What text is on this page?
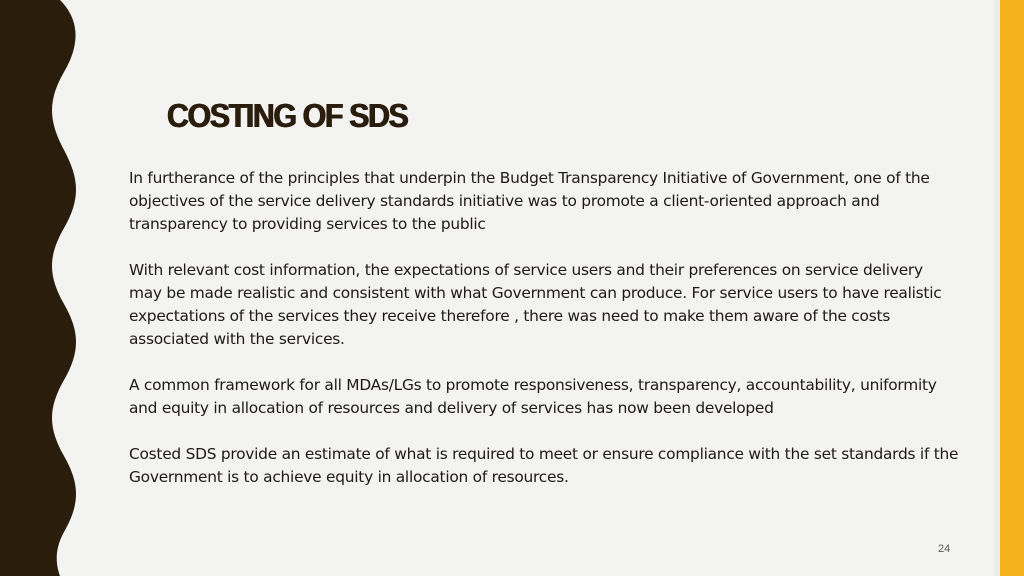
COSTING OF SDS

In furtherance of the principles that underpin the Budget Transparency Initiative of Government, one of the objectives of the service delivery standards initiative was to promote a client-oriented approach and transparency to providing services to the public

With relevant cost information, the expectations of service users and their preferences on service delivery may be made realistic and consistent with what Government can produce. For service users to have realistic expectations of the services they receive therefore , there was need to make them aware of the costs associated with the services.

A common framework for all MDAs/LGs to promote responsiveness, transparency, accountability, uniformity and equity in allocation of resources and delivery of services has now been developed

Costed SDS provide an estimate of what is required to meet or ensure compliance with the set standards if the Government is to achieve equity in allocation of resources.

24
